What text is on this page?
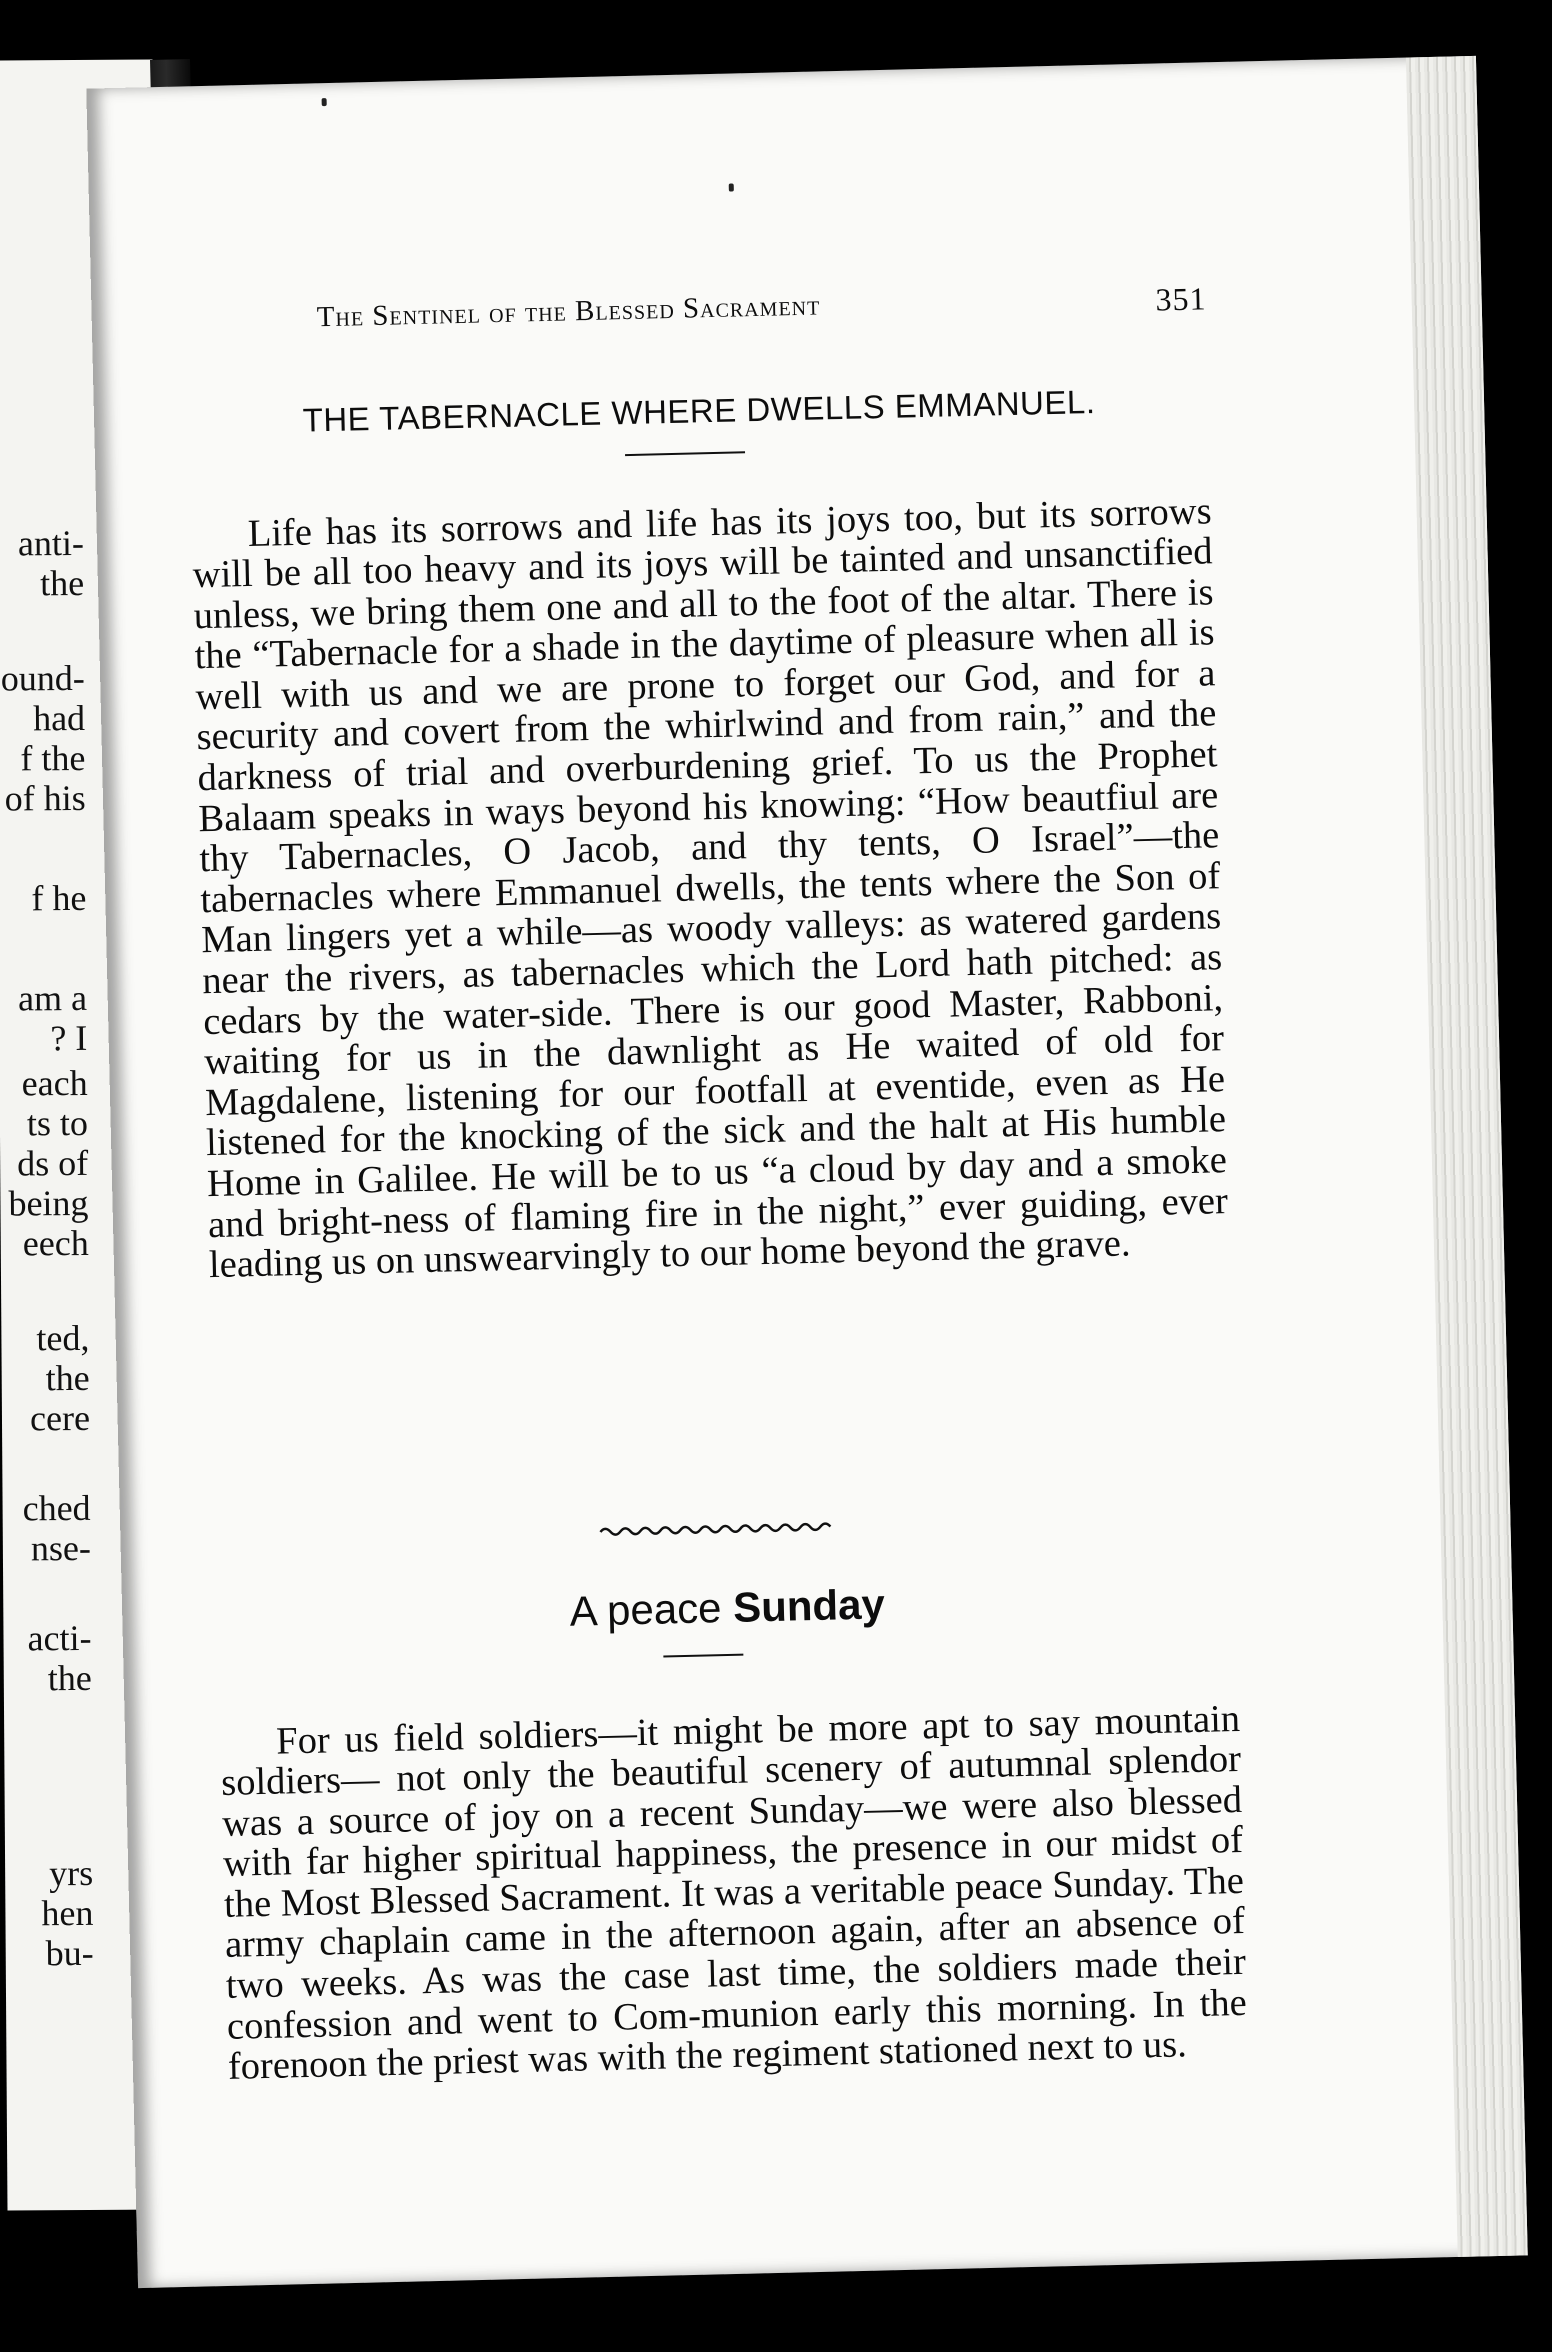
anti-
the
ound-
had
f the
of his
f he
am a
? I
each
ts to
ds of
being
eech
ted,
the
cere
ched
nse-
acti-
the
yrs
hen
bu-
The Sentinel of the Blessed Sacrament	351
THE TABERNACLE WHERE DWELLS EMMANUEL.

Life has its sorrows and life has its joys too, but its sorrows will be all too heavy and its joys will be tainted and unsanctified unless, we bring them one and all to the foot of the altar. There is the “Tabernacle for a shade in the daytime of pleasure when all is well with us and we are prone to forget our God, and for a security and covert from the whirlwind and from rain,” and the darkness of trial and overburdening grief. To us the Prophet Balaam speaks in ways beyond his knowing: “How beautfiul are thy Tabernacles, O Jacob, and thy tents, O Israel”—the tabernacles where Emmanuel dwells, the tents where the Son of Man lingers yet a while—as woody valleys: as watered gardens near the rivers, as tabernacles which the Lord hath pitched: as cedars by the water-side. There is our good Master, Rabboni, waiting for us in the dawnlight as He waited of old for Magdalene, listening for our footfall at eventide, even as He listened for the knocking of the sick and the halt at His humble Home in Galilee. He will be to us “a cloud by day and a smoke and bright-ness of flaming fire in the night,” ever guiding, ever leading us on unswearvingly to our home beyond the grave.

A peace Sunday

For us field soldiers—it might be more apt to say mountain soldiers— not only the beautiful scenery of autumnal splendor was a source of joy on a recent Sunday—we were also blessed with far higher spiritual happiness, the presence in our midst of the Most Blessed Sacrament. It was a veritable peace Sunday. The army chaplain came in the afternoon again, after an absence of two weeks. As was the case last time, the soldiers made their confession and went to Com-munion early this morning. In the forenoon the priest was with the regiment stationed next to us.
